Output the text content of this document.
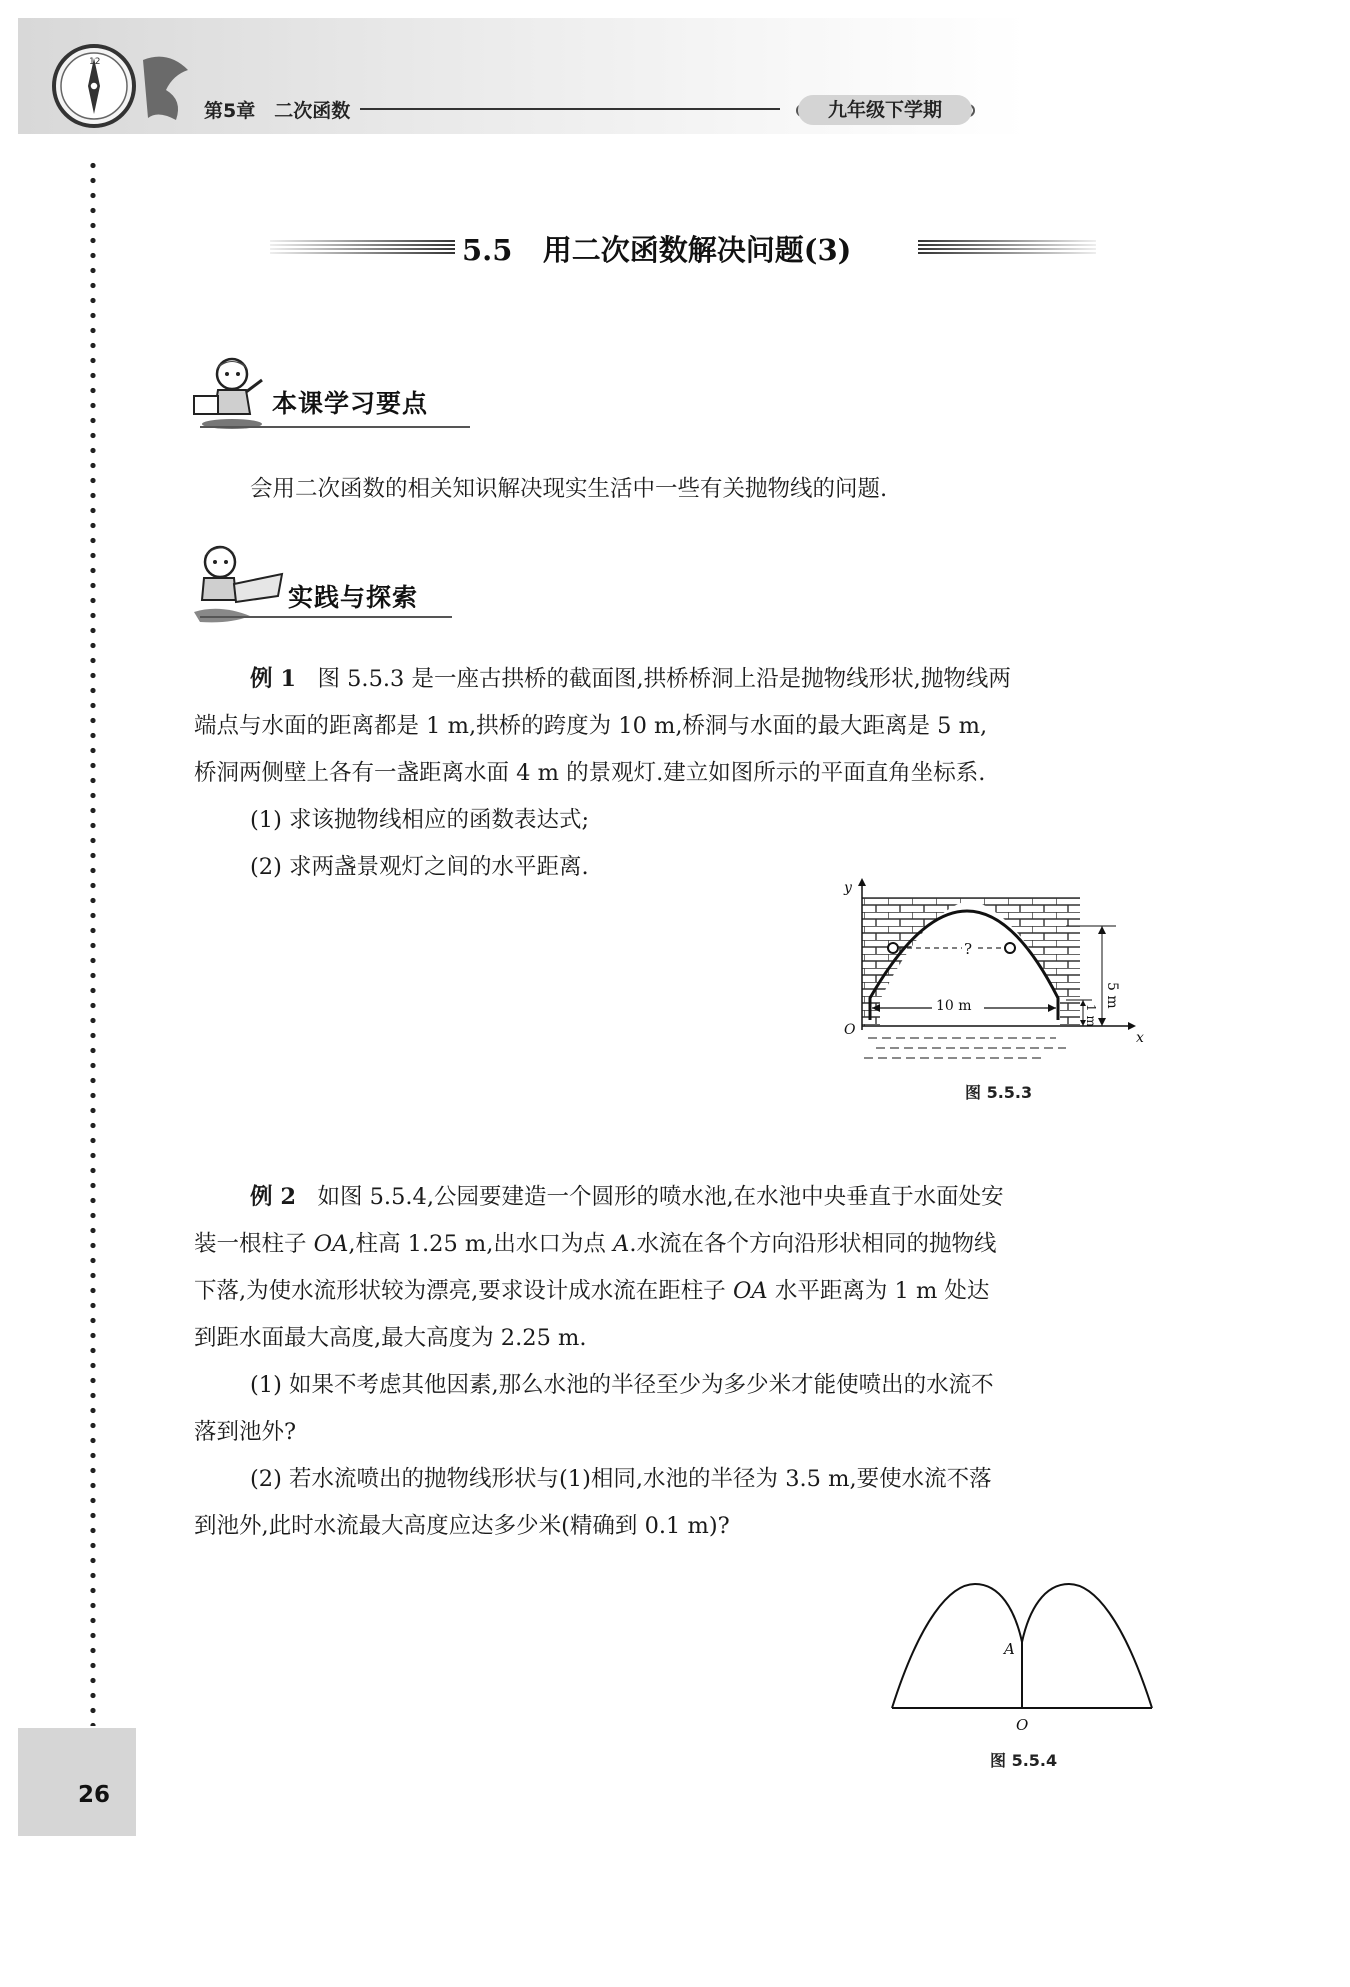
12
第5章　二次函数	九年级下学期
5.5 用二次函数解决问题(3)
本课学习要点
会用二次函数的相关知识解决现实生活中一些有关抛物线的问题.
实践与探索
例 1 图 5.5.3 是一座古拱桥的截面图,拱桥桥洞上沿是抛物线形状,抛物线两
端点与水面的距离都是 1 m,拱桥的跨度为 10 m,桥洞与水面的最大距离是 5 m,
桥洞两侧壁上各有一盏距离水面 4 m 的景观灯.建立如图所示的平面直角坐标系.
(1) 求该抛物线相应的函数表达式;
(2) 求两盏景观灯之间的水平距离.
?
10 m
y
x
O
5 m
1 m
图 5.5.3
例 2 如图 5.5.4,公园要建造一个圆形的喷水池,在水池中央垂直于水面处安
装一根柱子 OA,柱高 1.25 m,出水口为点 A.水流在各个方向沿形状相同的抛物线
下落,为使水流形状较为漂亮,要求设计成水流在距柱子 OA 水平距离为 1 m 处达
到距水面最大高度,最大高度为 2.25 m.
(1) 如果不考虑其他因素,那么水池的半径至少为多少米才能使喷出的水流不
落到池外?
(2) 若水流喷出的抛物线形状与(1)相同,水池的半径为 3.5 m,要使水流不落
到池外,此时水流最大高度应达多少米(精确到 0.1 m)?
A
O
图 5.5.4
26
